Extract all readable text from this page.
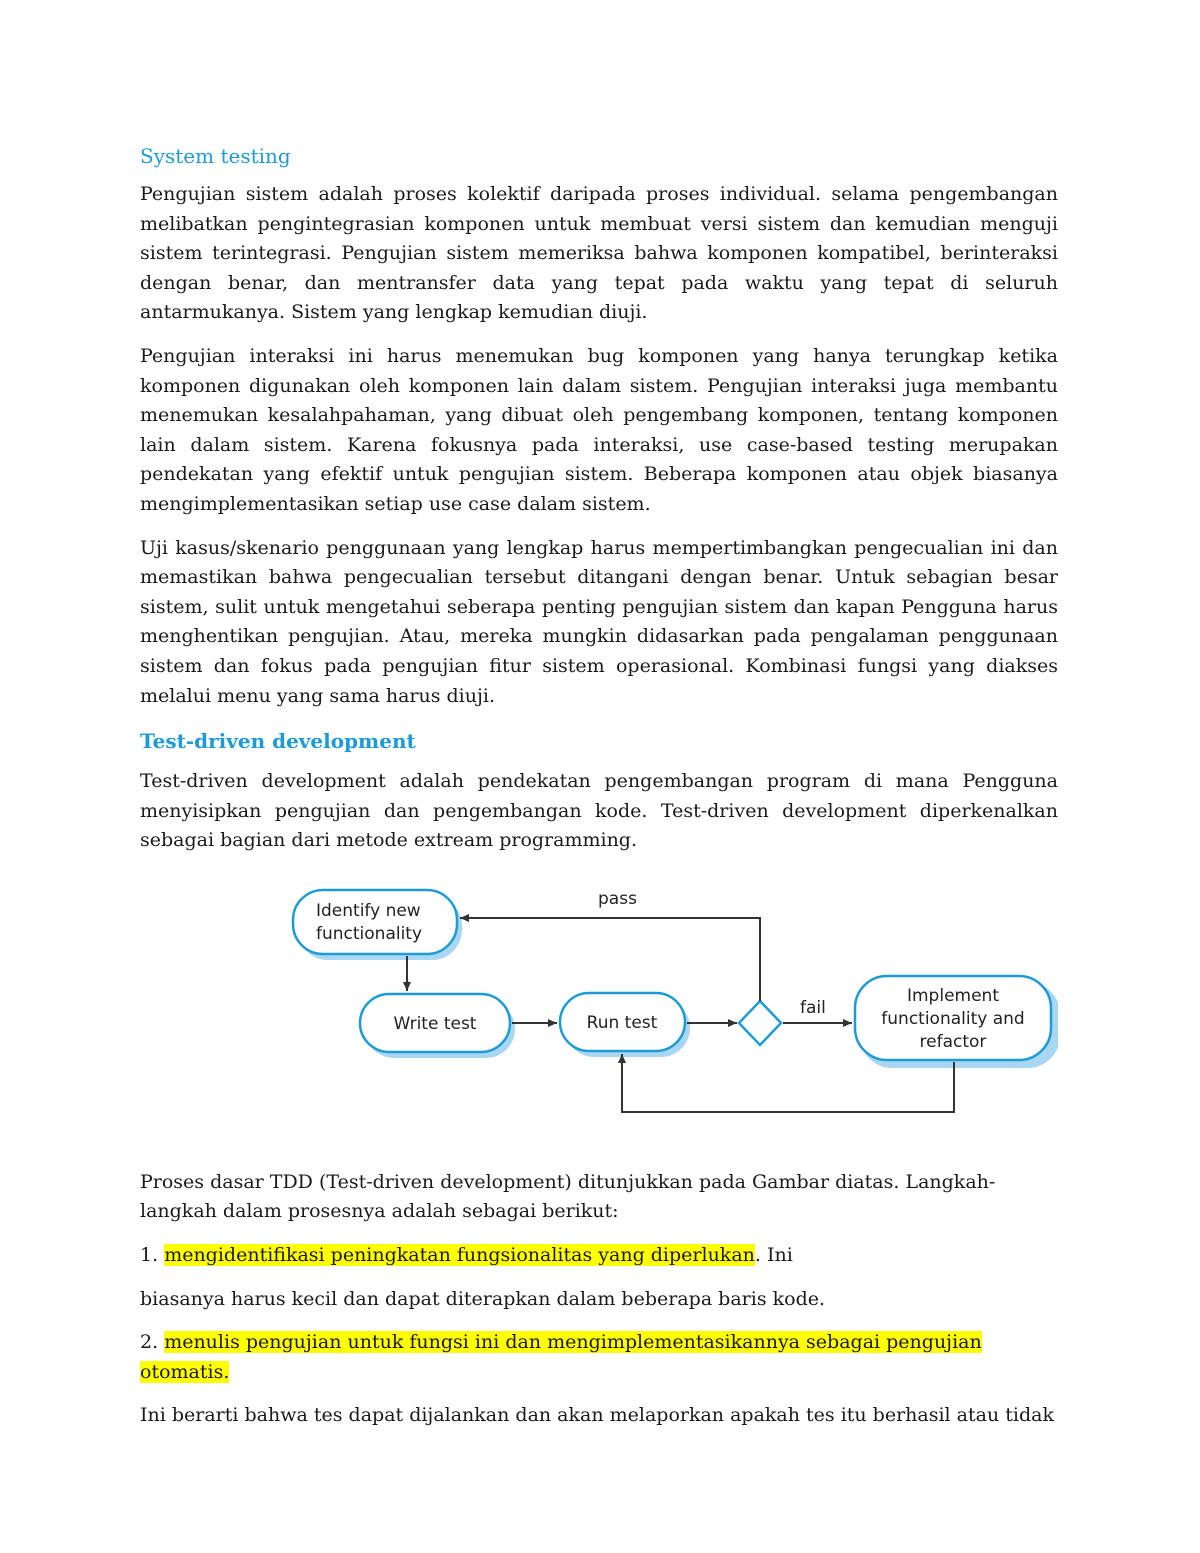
System testing

Pengujian sistem adalah proses kolektif daripada proses individual. selama pengembangan melibatkan pengintegrasian komponen untuk membuat versi sistem dan kemudian menguji sistem terintegrasi. Pengujian sistem memeriksa bahwa komponen kompatibel, berinteraksi dengan benar, dan mentransfer data yang tepat pada waktu yang tepat di seluruh antarmukanya. Sistem yang lengkap kemudian diuji.

Pengujian interaksi ini harus menemukan bug komponen yang hanya terungkap ketika komponen digunakan oleh komponen lain dalam sistem. Pengujian interaksi juga membantu menemukan kesalahpahaman, yang dibuat oleh pengembang komponen, tentang komponen lain dalam sistem. Karena fokusnya pada interaksi, use case-based testing merupakan pendekatan yang efektif untuk pengujian sistem. Beberapa komponen atau objek biasanya mengimplementasikan setiap use case dalam sistem.

Uji kasus/skenario penggunaan yang lengkap harus mempertimbangkan pengecualian ini dan memastikan bahwa pengecualian tersebut ditangani dengan benar. Untuk sebagian besar sistem, sulit untuk mengetahui seberapa penting pengujian sistem dan kapan Pengguna harus menghentikan pengujian. Atau, mereka mungkin didasarkan pada pengalaman penggunaan sistem dan fokus pada pengujian fitur sistem operasional. Kombinasi fungsi yang diakses melalui menu yang sama harus diuji.

Test-driven development

Test-driven development adalah pendekatan pengembangan program di mana Pengguna menyisipkan pengujian dan pengembangan kode. Test-driven development diperkenalkan sebagai bagian dari metode extream programming.

Identify new
functionality
Write test	Run test
Implement
functionality and
refactor
pass
fail

Proses dasar TDD (Test-driven development) ditunjukkan pada Gambar diatas. Langkah-langkah dalam prosesnya adalah sebagai berikut:

1. mengidentifikasi peningkatan fungsionalitas yang diperlukan. Ini

biasanya harus kecil dan dapat diterapkan dalam beberapa baris kode.

2. menulis pengujian untuk fungsi ini dan mengimplementasikannya sebagai pengujian otomatis.

Ini berarti bahwa tes dapat dijalankan dan akan melaporkan apakah tes itu berhasil atau tidak
